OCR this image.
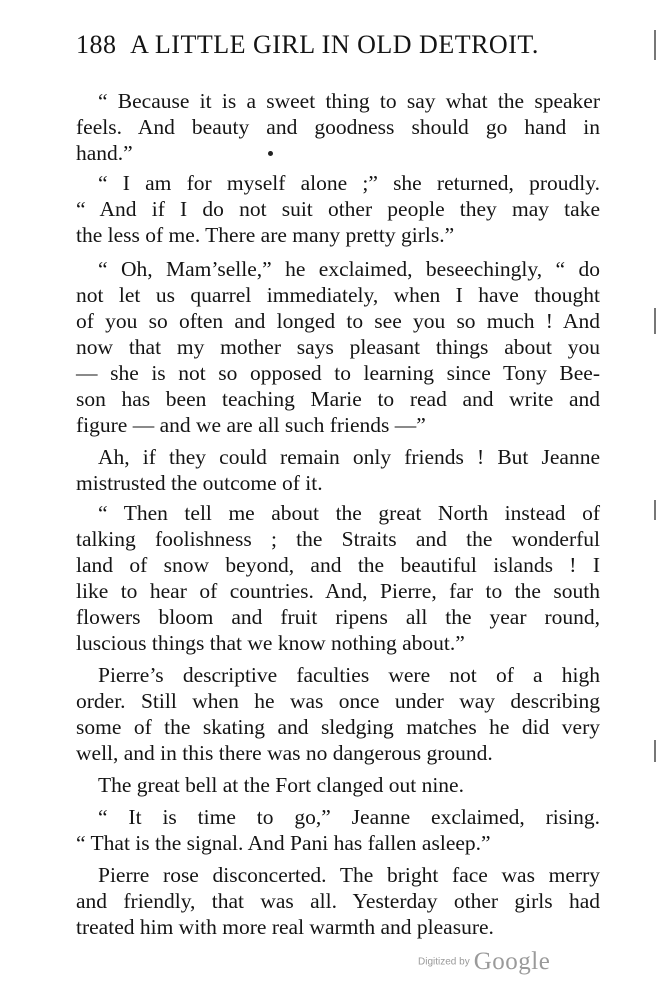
188 A LITTLE GIRL IN OLD DETROIT.
“ Because it is a sweet thing to say what the speaker
feels. And beauty and goodness should go hand in
hand.”
“ I am for myself alone ;” she returned, proudly.
“ And if I do not suit other people they may take
the less of me. There are many pretty girls.”
“ Oh, Mam’selle,” he exclaimed, beseechingly, “ do
not let us quarrel immediately, when I have thought
of you so often and longed to see you so much ! And
now that my mother says pleasant things about you
— she is not so opposed to learning since Tony Bee-
son has been teaching Marie to read and write and
figure — and we are all such friends —”
Ah, if they could remain only friends ! But Jeanne
mistrusted the outcome of it.
“ Then tell me about the great North instead of
talking foolishness ; the Straits and the wonderful
land of snow beyond, and the beautiful islands ! I
like to hear of countries. And, Pierre, far to the south
flowers bloom and fruit ripens all the year round,
luscious things that we know nothing about.”
Pierre’s descriptive faculties were not of a high
order. Still when he was once under way describing
some of the skating and sledging matches he did very
well, and in this there was no dangerous ground.
The great bell at the Fort clanged out nine.
“ It is time to go,” Jeanne exclaimed, rising.
“ That is the signal. And Pani has fallen asleep.”
Pierre rose disconcerted. The bright face was merry
and friendly, that was all. Yesterday other girls had
treated him with more real warmth and pleasure.
Digitized by Google
